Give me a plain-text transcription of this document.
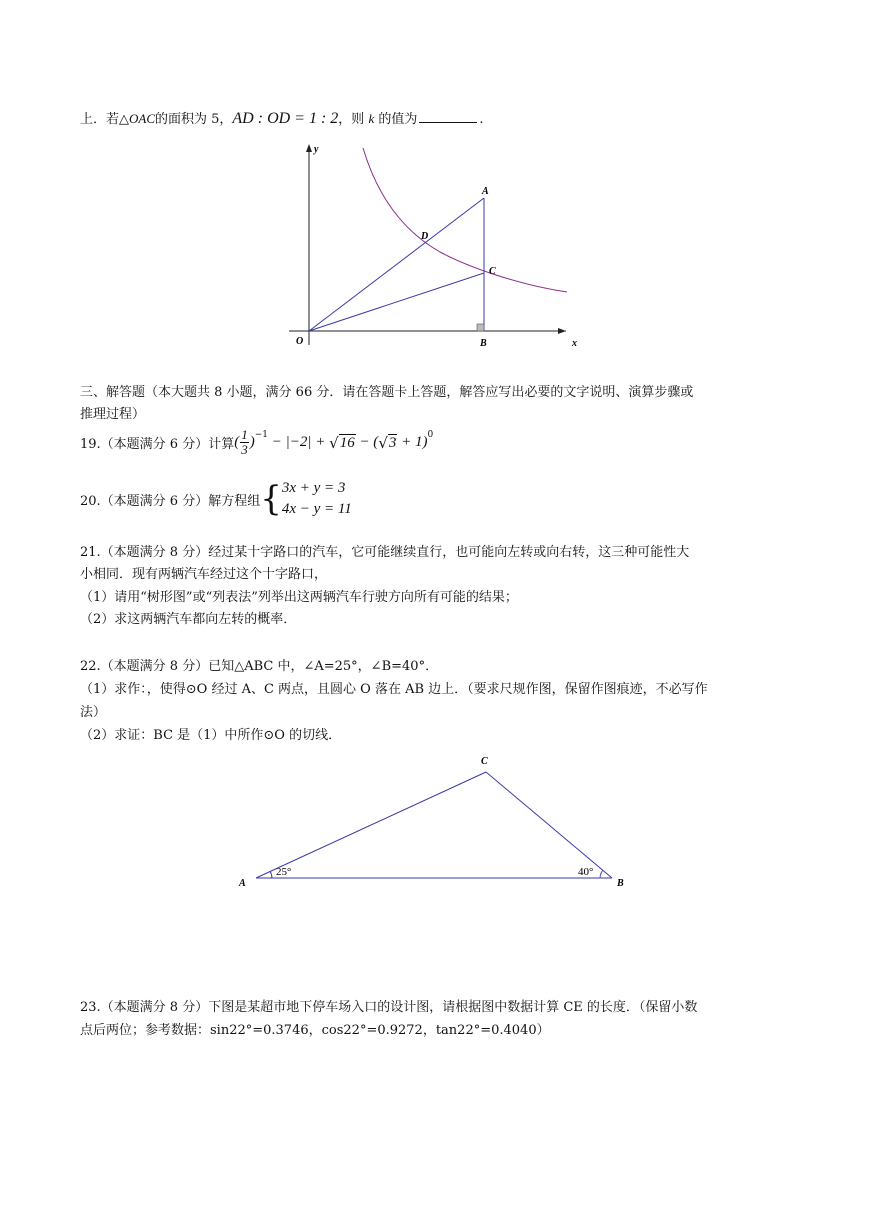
上．若△OAC的面积为 5，AD : OD = 1 : 2，则 k 的值为	.
y
x
O
A
B
C
D
三、解答题（本大题共 8 小题，满分 66 分．请在答题卡上答题，解答应写出必要的文字说明、演算步骤或
推理过程）
19.（本题满分 6 分）计算 ( $\frac{1}{3} )^{-1} - |-2|$ + √ 16 − ( √ 3 + 1)$^0$
20.（本题满分 6 分）解方程组 { 3x + y = 3
4x − y = 11
21.（本题满分 8 分）经过某十字路口的汽车，它可能继续直行，也可能向左转或向右转，这三种可能性大
小相同．现有两辆汽车经过这个十字路口，
（1）请用“树形图”或“列表法”列举出这两辆汽车行驶方向所有可能的结果；
（2）求这两辆汽车都向左转的概率．
22.（本题满分 8 分）已知△ABC 中，∠A=25°，∠B=40°．
（1）求作：，使得⊙O 经过 A、C 两点，且圆心 O 落在 AB 边上．（要求尺规作图，保留作图痕迹，不必写作
法）
（2）求证：BC 是（1）中所作⊙O 的切线．
C
A	B
25°	40°
23.（本题满分 8 分）下图是某超市地下停车场入口的设计图，请根据图中数据计算 CE 的长度．（保留小数
点后两位；参考数据：sin22°=0.3746，cos22°=0.9272，tan22°=0.4040）
